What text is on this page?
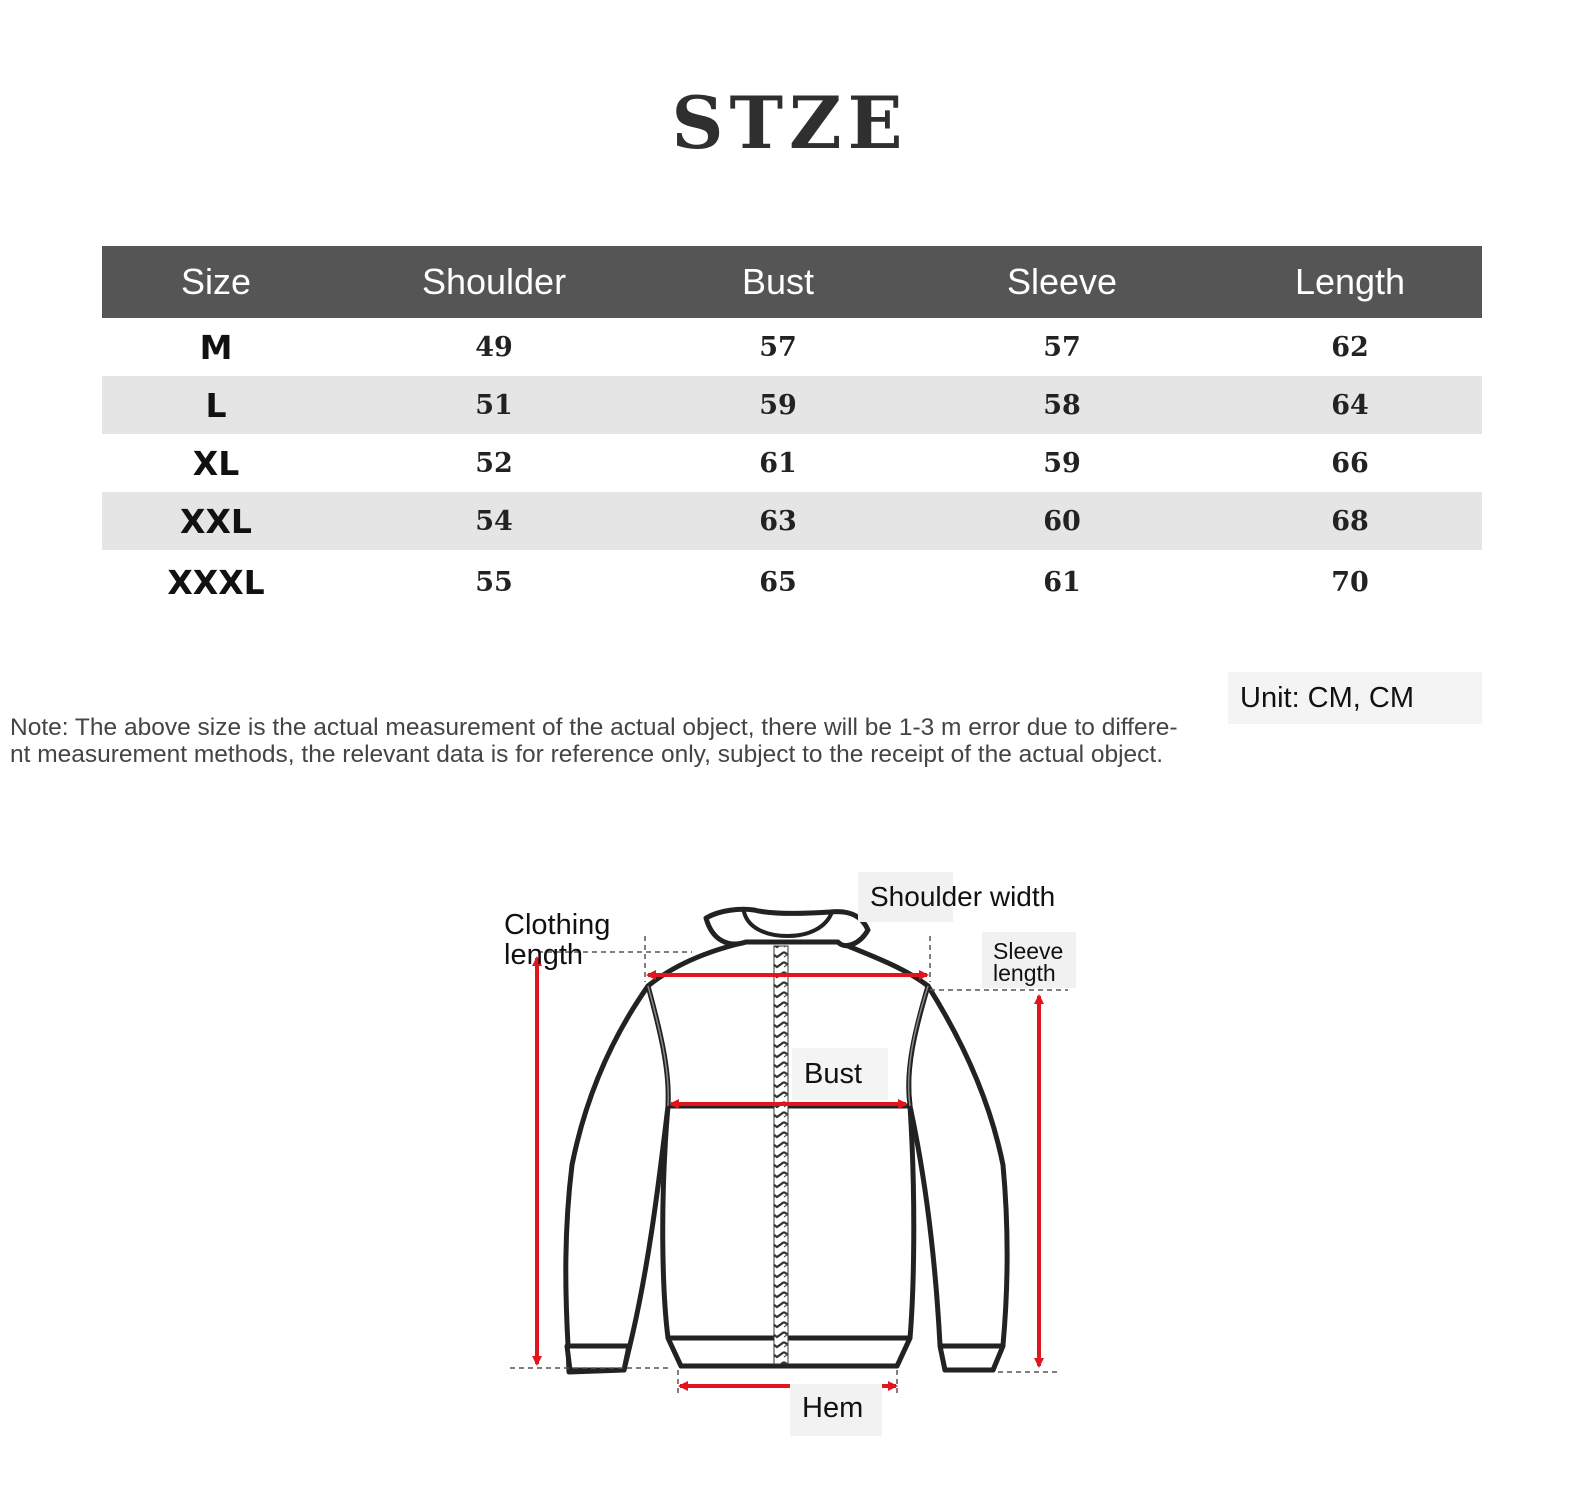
STZE
Size	Shoulder	Bust	Sleeve	Length
M	49	57	57	62
L	51	59	58	64
XL	52	61	59	66
XXL	54	63	60	68
XXXL	55	65	61	70
Unit: CM, CM
Note: The above size is the actual measurement of the actual object, there will be 1-3 m error due to differe-
nt measurement methods, the relevant data is for reference only, subject to the receipt of the actual object.
Clothing
length
Shoulder width
Sleeve
length
Bust
Hem
